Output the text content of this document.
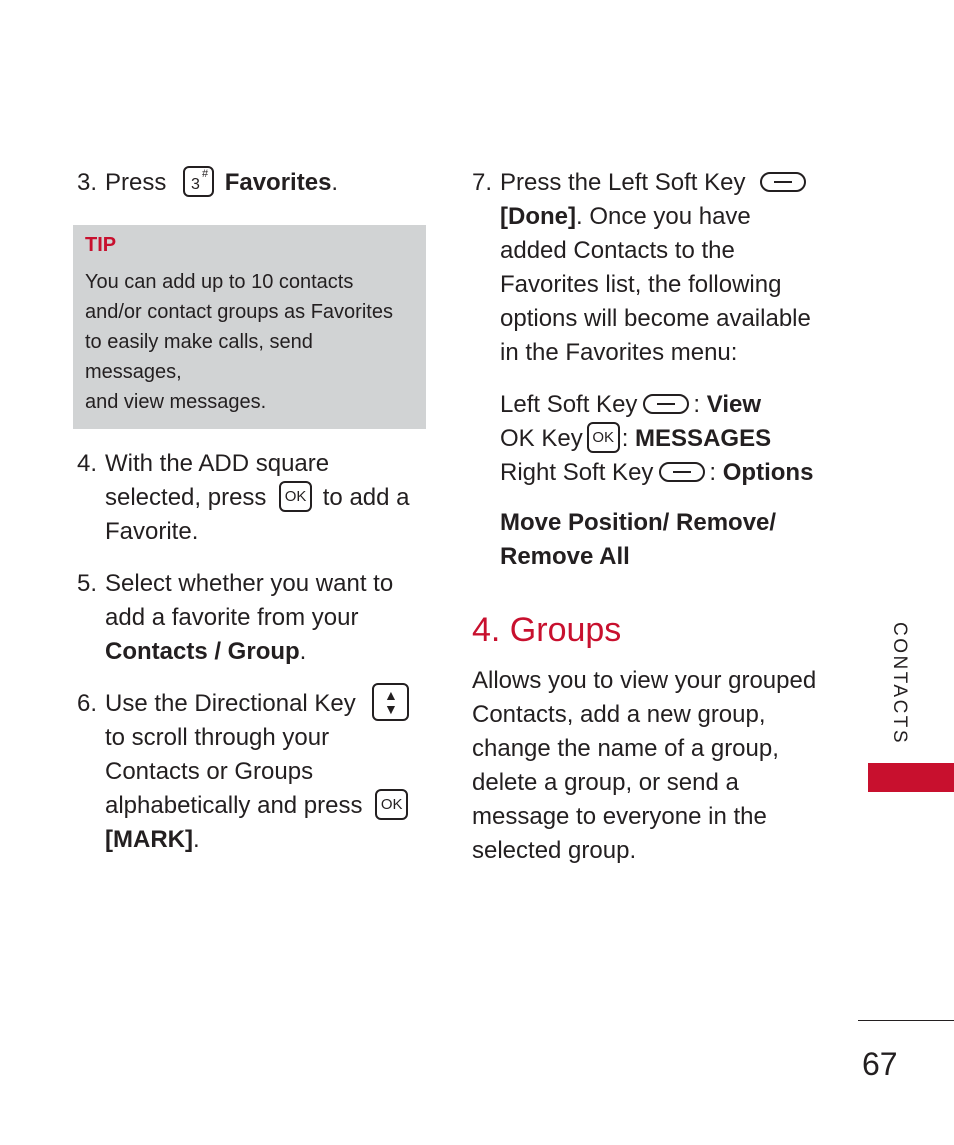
3. Press 3
# Favorites.
TIP
You can add up to 10 contacts
and/or contact groups as Favorites
to easily make calls, send messages,
and view messages.
4. With the ADD square
selected, press OK to add a
Favorite.
5. Select whether you want to
add a favorite from your
Contacts / Group.
6. Use the Directional Key	▲
▼
to scroll through your
Contacts or Groups
alphabetically and press OK
[MARK].
7. Press the Left Soft Key
[Done]. Once you have
added Contacts to the
Favorites list, the following
options will become available
in the Favorites menu:
Left Soft Key : View
OK Key OK : MESSAGES
Right Soft Key : Options
Move Position/ Remove/
Remove All
4. Groups
Allows you to view your grouped
Contacts, add a new group,
change the name of a group,
delete a group, or send a
message to everyone in the
selected group.
CONTACTS
67
